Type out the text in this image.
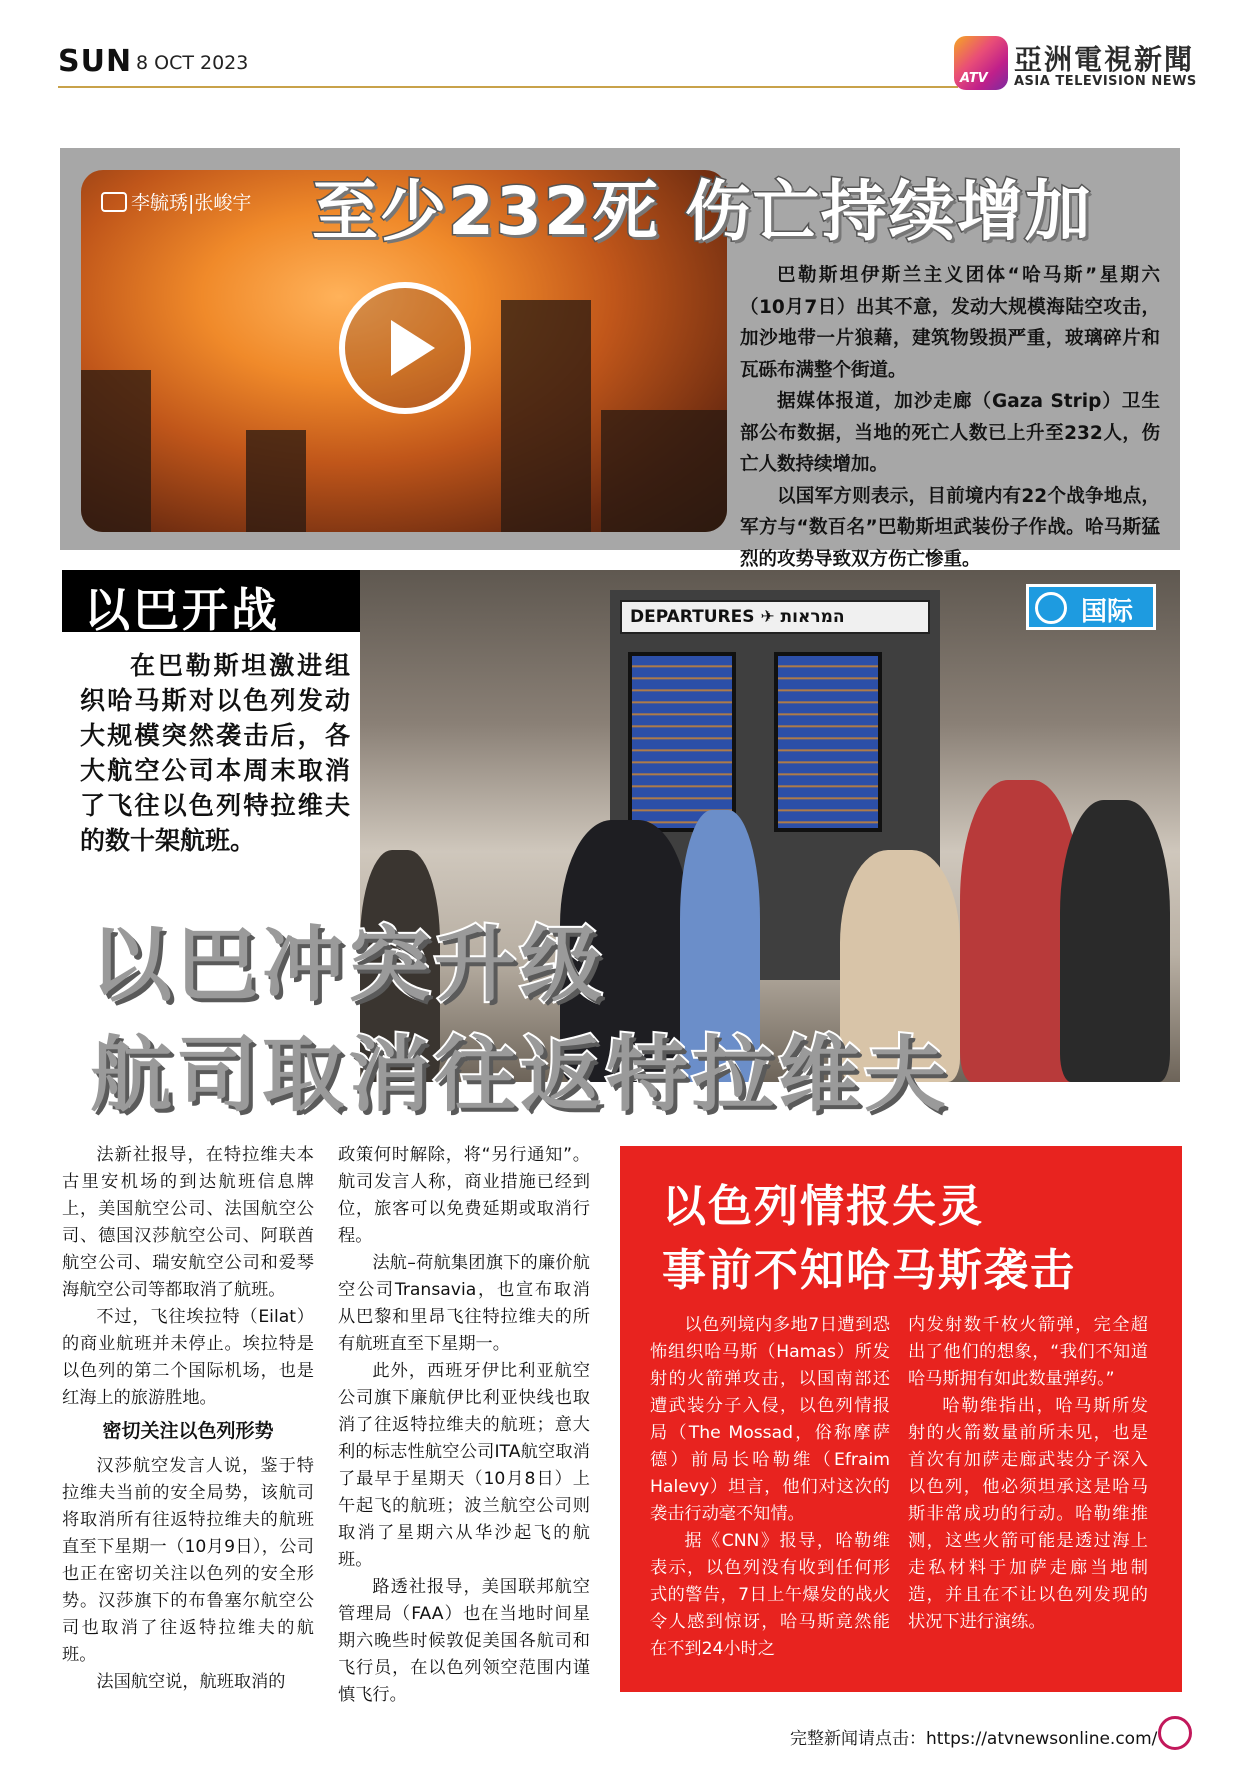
SUN 8 OCT 2023
ATV
亞洲電視新聞
ASIA TELEVISION NEWS
李毓琇|张峻宇 至少232死 伤亡持续增加

巴勒斯坦伊斯兰主义团体“哈马斯”星期六（10月7日）出其不意，发动大规模海陆空攻击，加沙地带一片狼藉，建筑物毁损严重，玻璃碎片和瓦砾布满整个街道。

据媒体报道，加沙走廊（Gaza Strip）卫生部公布数据，当地的死亡人数已上升至232人，伤亡人数持续增加。

以国军方则表示，目前境内有22个战争地点，军方与“数百名”巴勒斯坦武装份子作战。哈马斯猛烈的攻势导致双方伤亡惨重。

以巴开战	DEPARTURES ✈ המראות	国际

在巴勒斯坦激进组织哈马斯对以色列发动大规模突然袭击后，各大航空公司本周末取消了飞往以色列特拉维夫的数十架航班。

以巴冲突升级
航司取消往返特拉维夫

法新社报导，在特拉维夫本古里安机场的到达航班信息牌上，美国航空公司、法国航空公司、德国汉莎航空公司、阿联酋航空公司、瑞安航空公司和爱琴海航空公司等都取消了航班。

不过，飞往埃拉特（Eilat）的商业航班并未停止。埃拉特是以色列的第二个国际机场，也是红海上的旅游胜地。

密切关注以色列形势

汉莎航空发言人说，鉴于特拉维夫当前的安全局势，该航司将取消所有往返特拉维夫的航班直至下星期一（10月9日），公司也正在密切关注以色列的安全形势。汉莎旗下的布鲁塞尔航空公司也取消了往返特拉维夫的航班。

法国航空说，航班取消的

政策何时解除，将“另行通知”。航司发言人称，商业措施已经到位，旅客可以免费延期或取消行程。

法航–荷航集团旗下的廉价航空公司Transavia，也宣布取消从巴黎和里昂飞往特拉维夫的所有航班直至下星期一。

此外，西班牙伊比利亚航空公司旗下廉航伊比利亚快线也取消了往返特拉维夫的航班；意大利的标志性航空公司ITA航空取消了最早于星期天（10月8日）上午起飞的航班；波兰航空公司则取消了星期六从华沙起飞的航班。

路透社报导，美国联邦航空管理局（FAA）也在当地时间星期六晚些时候敦促美国各航司和飞行员，在以色列领空范围内谨慎飞行。

以色列情报失灵
事前不知哈马斯袭击

以色列境内多地7日遭到恐怖组织哈马斯（Hamas）所发射的火箭弹攻击，以国南部还遭武装分子入侵，以色列情报局（The Mossad，俗称摩萨德）前局长哈勒维（Efraim Halevy）坦言，他们对这次的袭击行动毫不知情。

据《CNN》报导，哈勒维表示，以色列没有收到任何形式的警告，7日上午爆发的战火令人感到惊讶，哈马斯竟然能在不到24小时之

内发射数千枚火箭弹，完全超出了他们的想象，“我们不知道哈马斯拥有如此数量弹药。”

哈勒维指出，哈马斯所发射的火箭数量前所未见，也是首次有加萨走廊武装分子深入以色列，他必须坦承这是哈马斯非常成功的行动。哈勒维推测，这些火箭可能是透过海上走私材料于加萨走廊当地制造，并且在不让以色列发现的状况下进行演练。

完整新闻请点击：https://atvnewsonline.com/
